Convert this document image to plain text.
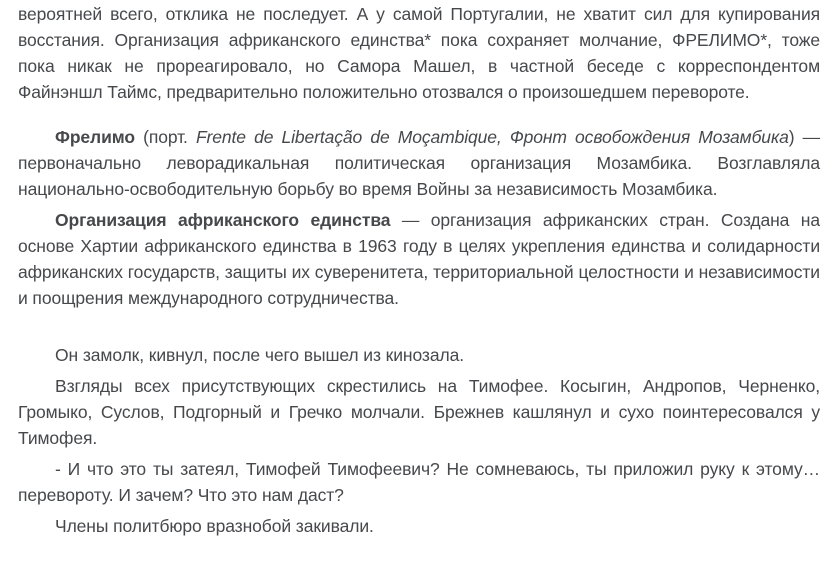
вероятней всего, отклика не последует. А у самой Португалии, не хватит сил для купирования восстания. Организация африканского единства* пока сохраняет молчание, ФРЕЛИМО*, тоже пока никак не прореагировало, но Самора Машел, в частной беседе с корреспондентом Файнэншл Таймс, предварительно положительно отозвался о произошедшем перевороте.

Фрелимо (порт. Frente de Libertação de Moçambique, Фронт освобождения Мозамбика) — первоначально леворадикальная политическая организация Мозамбика. Возглавляла национально-освободительную борьбу во время Войны за независимость Мозамбика.

Организация африканского единства — организация африканских стран. Создана на основе Хартии африканского единства в 1963 году в целях укрепления единства и солидарности африканских государств, защиты их суверенитета, территориальной целостности и независимости и поощрения международного сотрудничества.

Он замолк, кивнул, после чего вышел из кинозала.

Взгляды всех присутствующих скрестились на Тимофее. Косыгин, Андропов, Черненко, Громыко, Суслов, Подгорный и Гречко молчали. Брежнев кашлянул и сухо поинтересовался у Тимофея.

- И что это ты затеял, Тимофей Тимофеевич? Не сомневаюсь, ты приложил руку к этому… перевороту. И зачем? Что это нам даст?

Члены политбюро вразнобой закивали.
